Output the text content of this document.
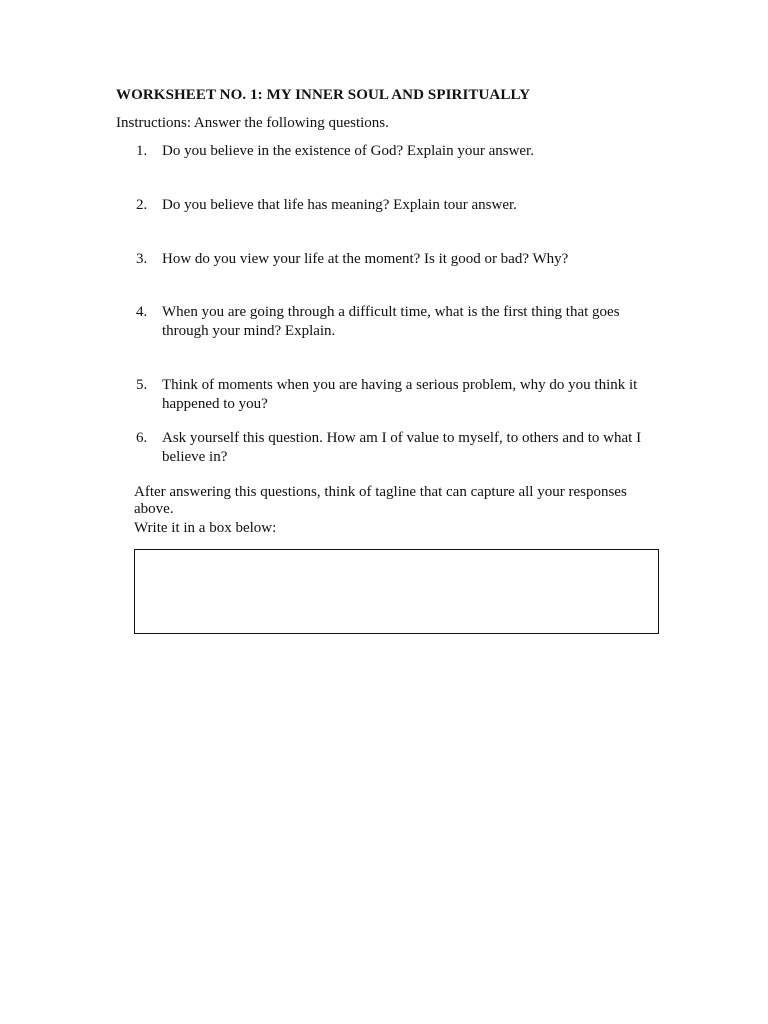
WORKSHEET NO. 1: MY INNER SOUL AND SPIRITUALLY
Instructions: Answer the following questions.
1. Do you believe in the existence of God? Explain your answer.
2. Do you believe that life has meaning? Explain tour answer.
3. How do you view your life at the moment? Is it good or bad? Why?
4. When you are going through a difficult time, what is the first thing that goes through your mind? Explain.
5. Think of moments when you are having a serious problem, why do you think it happened to you?
6. Ask yourself this question. How am I of value to myself, to others and to what I believe in?
After answering this questions, think of tagline that can capture all your responses above.
Write it in a box below:
